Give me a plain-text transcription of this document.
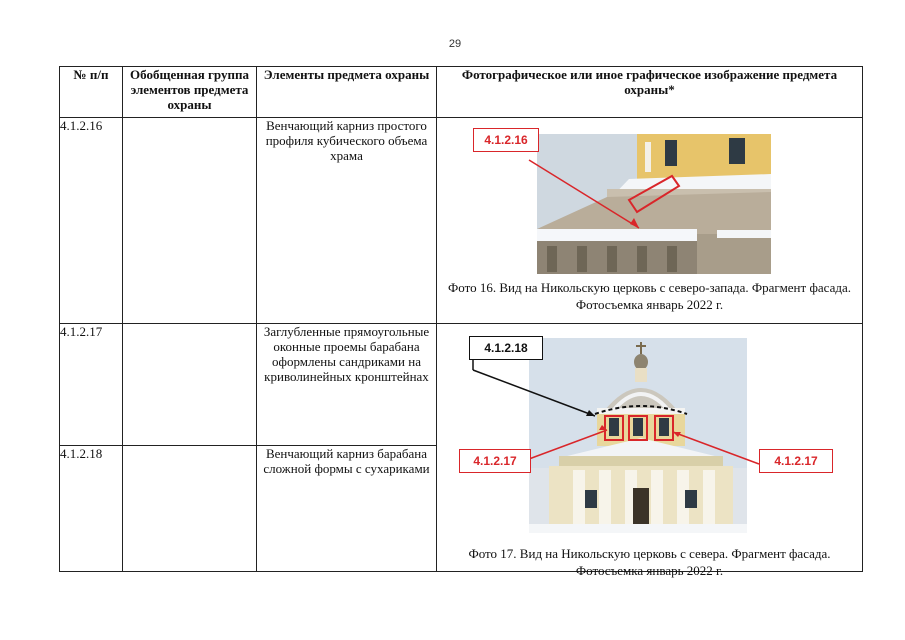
29
№ п/п	Обобщенная группа элементов предмета охраны	Элементы предмета охраны	Фотографическое или иное графическое изображение предмета охраны*
4.1.2.16		Венчающий карниз простого профиля кубического объема храма	4.1.2.16
Фото 16. Вид на Никольскую церковь с северо-запада. Фрагмент фасада. Фотосъемка январь 2022 г.

4.1.2.17		Заглубленные прямоугольные оконные проемы барабана оформлены сандриками на криволинейных кронштейнах	4.1.2.18
4.1.2.17 4.1.2.17
Фото 17. Вид на Никольскую церковь с севера. Фрагмент фасада. Фотосъемка январь 2022 г.

4.1.2.18		Венчающий карниз барабана сложной формы с сухариками	
